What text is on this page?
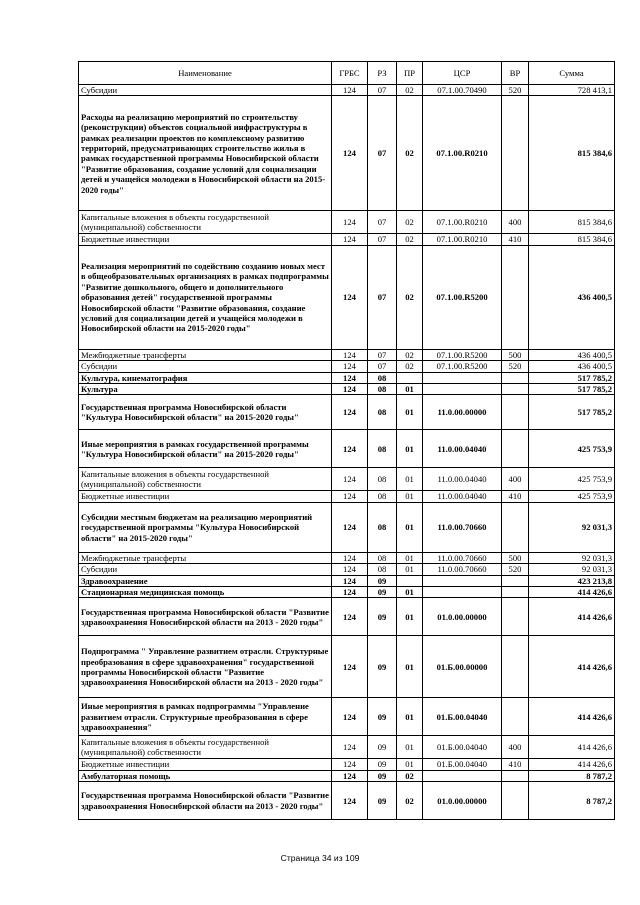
Наименование	ГРБС	РЗ	ПР	ЦСР	ВР	Сумма
Субсидии	124	07	02	07.1.00.70490	520	728 413,1
Расходы на реализацию мероприятий по строительству (реконструкции) объектов социальной инфраструктуры в рамках реализации проектов по комплексному развитию территорий, предусматривающих строительство жилья в рамках государственной программы Новосибирской области "Развитие образования, создание условий для социализации детей и учащейся молодежи в Новосибирской области на 2015-2020 годы"	124	07	02	07.1.00.R0210		815 384,6
Капитальные вложения в объекты государственной (муниципальной) собственности	124	07	02	07.1.00.R0210	400	815 384,6
Бюджетные инвестиции	124	07	02	07.1.00.R0210	410	815 384,6
Реализация мероприятий по содействию созданию новых мест в общеобразовательных организациях в рамках подпрограммы "Развитие дошкольного, общего и дополнительного образования детей" государственной программы Новосибирской области "Развитие образования, создание условий для социализации детей и учащейся молодежи в Новосибирской области на 2015-2020 годы"	124	07	02	07.1.00.R5200		436 400,5
Межбюджетные трансферты	124	07	02	07.1.00.R5200	500	436 400,5
Субсидии	124	07	02	07.1.00.R5200	520	436 400,5
Культура, кинематография	124	08				517 785,2
Культура	124	08	01			517 785,2
Государственная программа Новосибирской области "Культура Новосибирской области" на 2015-2020 годы"	124	08	01	11.0.00.00000		517 785,2
Иные мероприятия в рамках государственной программы "Культура Новосибирской области" на 2015-2020 годы"	124	08	01	11.0.00.04040		425 753,9
Капитальные вложения в объекты государственной (муниципальной) собственности	124	08	01	11.0.00.04040	400	425 753,9
Бюджетные инвестиции	124	08	01	11.0.00.04040	410	425 753,9
Субсидии местным бюджетам на реализацию мероприятий государственной программы "Культура Новосибирской области" на 2015-2020 годы"	124	08	01	11.0.00.70660		92 031,3
Межбюджетные трансферты	124	08	01	11.0.00.70660	500	92 031,3
Субсидии	124	08	01	11.0.00.70660	520	92 031,3
Здравоохранение	124	09				423 213,8
Стационарная медицинская помощь	124	09	01			414 426,6
Государственная программа Новосибирской области "Развитие здравоохранения Новосибирской области на 2013 - 2020 годы"	124	09	01	01.0.00.00000		414 426,6
Подпрограмма " Управление развитием отрасли. Структурные преобразования в сфере здравоохранения" государственной программы Новосибирской области "Развитие здравоохранения Новосибирской области на 2013 - 2020 годы"	124	09	01	01.Б.00.00000		414 426,6
Иные мероприятия в рамках подпрограммы "Управление развитием отрасли. Структурные преобразования в сфере здравоохранения"	124	09	01	01.Б.00.04040		414 426,6
Капитальные вложения в объекты государственной (муниципальной) собственности	124	09	01	01.Б.00.04040	400	414 426,6
Бюджетные инвестиции	124	09	01	01.Б.00.04040	410	414 426,6
Амбулаторная помощь	124	09	02			8 787,2
Государственная программа Новосибирской области "Развитие здравоохранения Новосибирской области на 2013 - 2020 годы"	124	09	02	01.0.00.00000		8 787,2
Страница 34 из 109
